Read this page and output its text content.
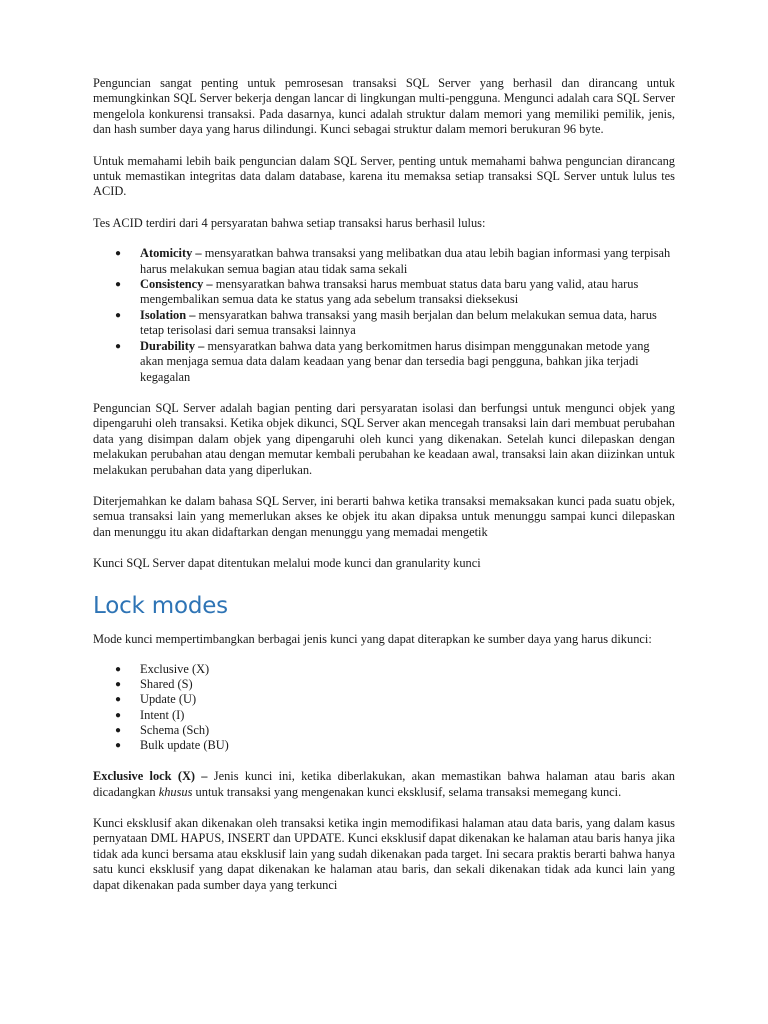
Penguncian sangat penting untuk pemrosesan transaksi SQL Server yang berhasil dan dirancang untuk memungkinkan SQL Server bekerja dengan lancar di lingkungan multi-pengguna. Mengunci adalah cara SQL Server mengelola konkurensi transaksi. Pada dasarnya, kunci adalah struktur dalam memori yang memiliki pemilik, jenis, dan hash sumber daya yang harus dilindungi. Kunci sebagai struktur dalam memori berukuran 96 byte.

Untuk memahami lebih baik penguncian dalam SQL Server, penting untuk memahami bahwa penguncian dirancang untuk memastikan integritas data dalam database, karena itu memaksa setiap transaksi SQL Server untuk lulus tes ACID.

Tes ACID terdiri dari 4 persyaratan bahwa setiap transaksi harus berhasil lulus:

● Atomicity – mensyaratkan bahwa transaksi yang melibatkan dua atau lebih bagian informasi yang terpisah harus melakukan semua bagian atau tidak sama sekali
● Consistency – mensyaratkan bahwa transaksi harus membuat status data baru yang valid, atau harus mengembalikan semua data ke status yang ada sebelum transaksi dieksekusi
● Isolation – mensyaratkan bahwa transaksi yang masih berjalan dan belum melakukan semua data, harus tetap terisolasi dari semua transaksi lainnya
● Durability – mensyaratkan bahwa data yang berkomitmen harus disimpan menggunakan metode yang akan menjaga semua data dalam keadaan yang benar dan tersedia bagi pengguna, bahkan jika terjadi kegagalan

Penguncian SQL Server adalah bagian penting dari persyaratan isolasi dan berfungsi untuk mengunci objek yang dipengaruhi oleh transaksi. Ketika objek dikunci, SQL Server akan mencegah transaksi lain dari membuat perubahan data yang disimpan dalam objek yang dipengaruhi oleh kunci yang dikenakan. Setelah kunci dilepaskan dengan melakukan perubahan atau dengan memutar kembali perubahan ke keadaan awal, transaksi lain akan diizinkan untuk melakukan perubahan data yang diperlukan.

Diterjemahkan ke dalam bahasa SQL Server, ini berarti bahwa ketika transaksi memaksakan kunci pada suatu objek, semua transaksi lain yang memerlukan akses ke objek itu akan dipaksa untuk menunggu sampai kunci dilepaskan dan menunggu itu akan didaftarkan dengan menunggu yang memadai mengetik

Kunci SQL Server dapat ditentukan melalui mode kunci dan granularity kunci

Lock modes

Mode kunci mempertimbangkan berbagai jenis kunci yang dapat diterapkan ke sumber daya yang harus dikunci:

● Exclusive (X)
● Shared (S)
● Update (U)
● Intent (I)
● Schema (Sch)
● Bulk update (BU)

Exclusive lock (X) – Jenis kunci ini, ketika diberlakukan, akan memastikan bahwa halaman atau baris akan dicadangkan khusus untuk transaksi yang mengenakan kunci eksklusif, selama transaksi memegang kunci.

Kunci eksklusif akan dikenakan oleh transaksi ketika ingin memodifikasi halaman atau data baris, yang dalam kasus pernyataan DML HAPUS, INSERT dan UPDATE. Kunci eksklusif dapat dikenakan ke halaman atau baris hanya jika tidak ada kunci bersama atau eksklusif lain yang sudah dikenakan pada target. Ini secara praktis berarti bahwa hanya satu kunci eksklusif yang dapat dikenakan ke halaman atau baris, dan sekali dikenakan tidak ada kunci lain yang dapat dikenakan pada sumber daya yang terkunci
